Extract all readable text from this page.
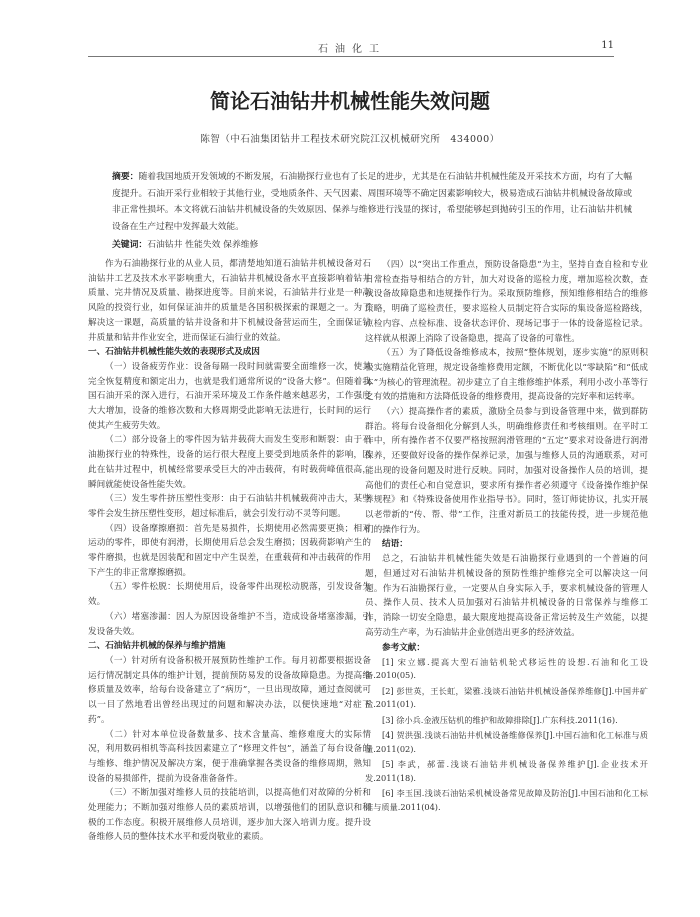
石油化工	11
简论石油钻井机械性能失效问题
陈智（中石油集团钻井工程技术研究院江汉机械研究所　434000）
摘要：随着我国地质开发领域的不断发展，石油勘探行业也有了长足的进步，尤其是在石油钻井机械性能及开采技术方面，均有了大幅度提升。石油开采行业相较于其他行业，受地质条件、天气因素、周围环境等不确定因素影响较大，极易造成石油钻井机械设备故障或非正常性损坏。本文将就石油钻井机械设备的失效原因、保养与维修进行浅显的探讨，希望能够起到抛砖引玉的作用，让石油钻井机械设备在生产过程中发挥最大效能。
关键词：石油钻井 性能失效 保养维修

作为石油勘探行业的从业人员，都清楚地知道石油钻井机械设备对石油钻井工艺及技术水平影响重大，石油钻井机械设备水平直接影响着钻井质量、完井情况及质量、勘探进度等。目前来说，石油钻井行业是一种高风险的投资行业，如何保证油井的质量是各国积极探索的课题之一。为了解决这一课题，高质量的钻井设备和井下机械设备营运而生，全面保证钻井质量和钻井作业安全，进而保证石油行业的效益。

一、石油钻井机械性能失效的表现形式及成因

（一）设备疲劳作业：设备每隔一段时间就需要全面维修一次，使其完全恢复精度和额定出力，也就是我们通常所说的“设备大修”。但随着我国石油开采的深入进行，石油开采环境及工作条件越来越恶劣，工作强度大大增加，设备的维修次数和大修周期受此影响无法进行，长时间的运行使其产生疲劳失效。

（二）部分设备上的零件因为钻井载荷大而发生变形和断裂：由于石油勘探行业的特殊性，设备的运行很大程度上要受到地质条件的影响，因此在钻井过程中，机械经常要承受巨大的冲击载荷，有时载荷峰值很高，瞬间就能使设备性能失效。

（三）发生零件挤压塑性变形：由于石油钻井机械载荷冲击大，某些零件会发生挤压塑性变形，超过标准后，就会引发行动不灵等问题。

（四）设备摩擦磨损：首先是易损件，长期使用必然需要更换；相对运动的零件，即使有润滑，长期使用后总会发生磨损；因载荷影响产生的零件磨损，也就是因装配和固定中产生误差，在重载荷和冲击载荷的作用下产生的非正常摩擦磨损。

（五）零件松脱：长期使用后，设备零件出现松动脱落，引发设备失效。

（六）堵塞渗漏：因人为原因设备维护不当，造成设备堵塞渗漏，引发设备失效。

二、石油钻井机械的保养与维护措施

（一）针对所有设备积极开展预防性维护工作。每月初都要根据设备运行情况制定具体的维护计划，提前预防易发的设备故障隐患。为提高维修质量及效率，给每台设备建立了“病历”，一旦出现故障，通过查阅就可以一目了然地看出曾经出现过的问题和解决办法，以便快速地“对症下药”。

（二）针对本单位设备数量多、技术含量高、维修难度大的实际情况，利用数码相机等高科技因素建立了“修理文件包”，涵盖了每台设备的与维修、维护情况及解决方案，便于准确掌握各类设备的维修周期，熟知设备的易损部件，提前为设备准备备件。

（三）不断加强对维修人员的技能培训，以提高他们对故障的分析和处理能力；不断加强对维修人员的素质培训，以增强他们的团队意识和积极的工作态度。积极开展维修人员培训，逐步加大深入培训力度。提升设备维修人员的整体技术水平和爱岗敬业的素质。

（四）以“突出工作重点，预防设备隐患”为主，坚持自查自检和专业日常检查指导相结合的方针，加大对设备的巡检力度，增加巡检次数，查找设备故障隐患和违规操作行为。采取预防维修，预知维修相结合的维修策略，明确了巡检责任，要求巡检人员制定符合实际的集设备巡检路线，点检内容、点检标准、设备状态评价、现场记事于一体的设备巡检记录。这样就从根源上消除了设备隐患，提高了设备的可靠性。

（五）为了降低设备维修成本，按照“整体规划，逐步实施”的原则积极实施精益化管理，规定设备维修费用定额，不断优化以“零缺陷”和“低成本”为核心的管理流程。初步建立了自主维修维护体系，利用小改小革等行之有效的措施和方法降低设备的维修费用，提高设备的完好率和运转率。

（六）提高操作者的素质，激励全员参与到设备管理中来，做到群防群治。将每台设备细化分解到人头，明确维修责任和考核细则。在平时工作中，所有操作者不仅要严格按照润滑管理的“五定”要求对设备进行润滑保养，还要做好设备的操作保养记录，加强与维修人员的沟通联系，对可能出现的设备问题及时进行反映。同时，加强对设备操作人员的培训，提高他们的责任心和自觉意识，要求所有操作者必须遵守《设备操作维护保养规程》和《特殊设备使用作业指导书》。同时，签订师徒协议，扎实开展以老带新的“传、帮、带”工作，注重对新员工的技能传授，进一步规范他们的操作行为。

结语：

总之，石油钻井机械性能失效是石油勘探行业遇到的一个普遍的问题，但通过对石油钻井机械设备的预防性维护维修完全可以解决这一问题。作为石油勘探行业，一定要从自身实际入手，要求机械设备的管理人员、操作人员、技术人员加强对石油钻井机械设备的日常保养与维修工作，消除一切安全隐患，最大限度地提高设备正常运转及生产效能，以提高劳动生产率，为石油钻井企业创造出更多的经济效益。

参考文献：

[1] 宋立娜.提高大型石油钻机轮式移运性的设想.石油和化工设备.2010(05).

[2] 彭世英，王长虹，梁雅.浅谈石油钻井机械设备保养维修[J].中国井矿盐.2011(01).

[3] 徐小兵.金液压钻机的维护和故障排除[J].广东科技.2011(16).

[4] 贺洪强.浅谈石油钻井机械设备维修保养[J].中国石油和化工标准与质量.2011(02).

[5] 李武，郝蕾.浅谈石油钻井机械设备保养维护[J].企业技术开发.2011(18).

[6] 李玉国.浅谈石油钻采机械设备常见故障及防治[J].中国石油和化工标准与质量.2011(04).
